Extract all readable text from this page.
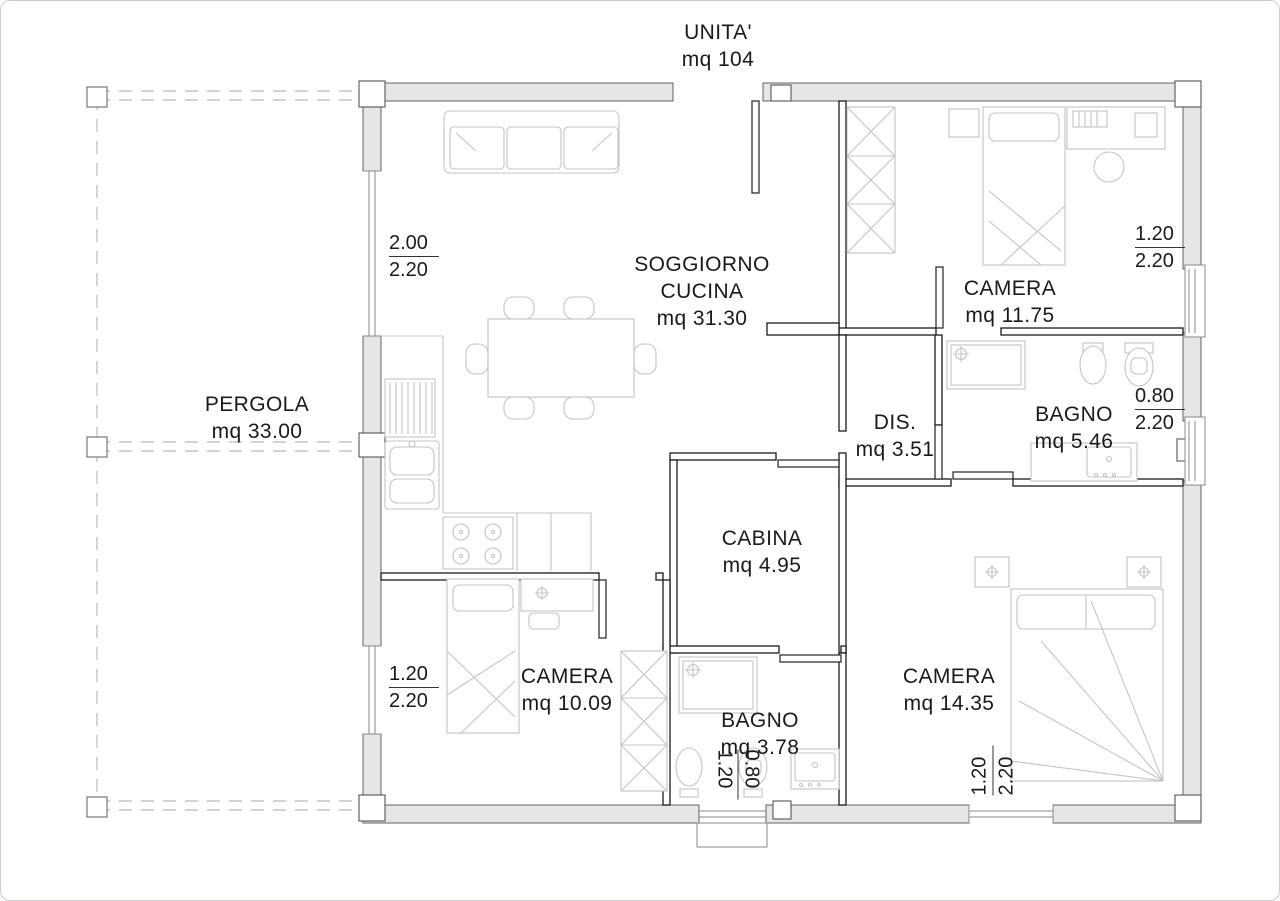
UNITA'
mq 104
PERGOLA
mq 33.00
SOGGIORNO
CUCINA
mq 31.30
CAMERA
mq 11.75
DIS.
mq 3.51
BAGNO
mq 5.46
CABINA
mq 4.95
CAMERA
mq 10.09
BAGNO
mq 3.78
CAMERA
mq 14.35
2.00
2.20
1.20
2.20
0.80
2.20
1.20
2.20
0.80
1.20	1.20 2.20
